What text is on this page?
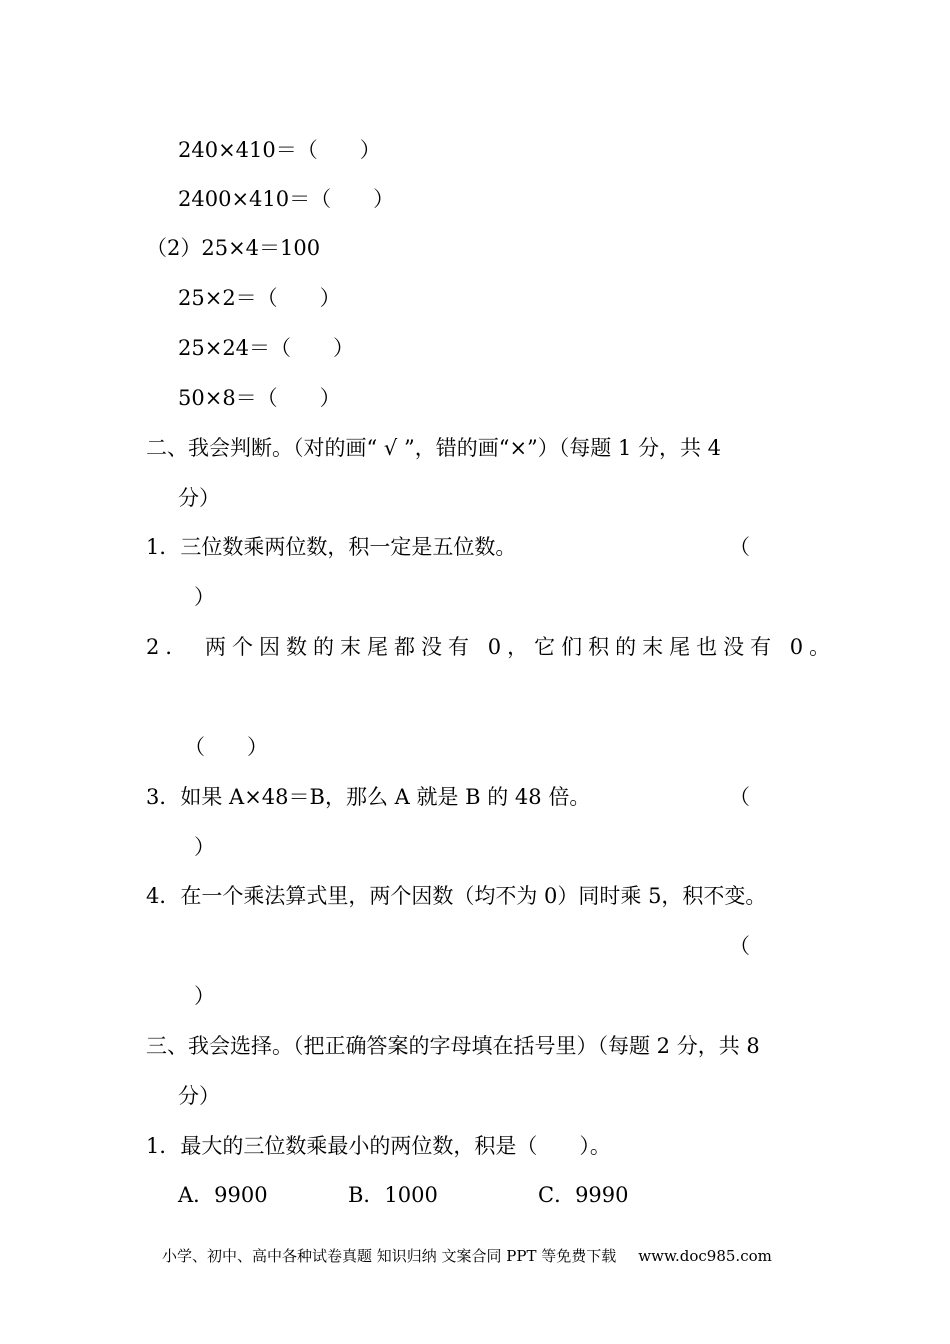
240×410＝（　　）
2400×410＝（　　）
（2）25×4＝100
25×2＝（　　）
25×24＝（　　）
50×8＝（　　）
二、我会判断。（对的画“ √ ”，错的画“×”）（每题 1 分，共 4
分）
1．三位数乘两位数，积一定是五位数。	（
）
2． 两个因数的末尾都没有 0，它们积的末尾也没有 0。
（　　）
3．如果 A×48＝B，那么 A 就是 B 的 48 倍。	（
）
4．在一个乘法算式里，两个因数（均不为 0）同时乘 5，积不变。
（
）
三、我会选择。（把正确答案的字母填在括号里）（每题 2 分，共 8
分）
1．最大的三位数乘最小的两位数，积是（　　）。
A．9900	B．1000	C．9990
小学、初中、高中各种试卷真题 知识归纳 文案合同 PPT 等免费下载 www.doc985.com
